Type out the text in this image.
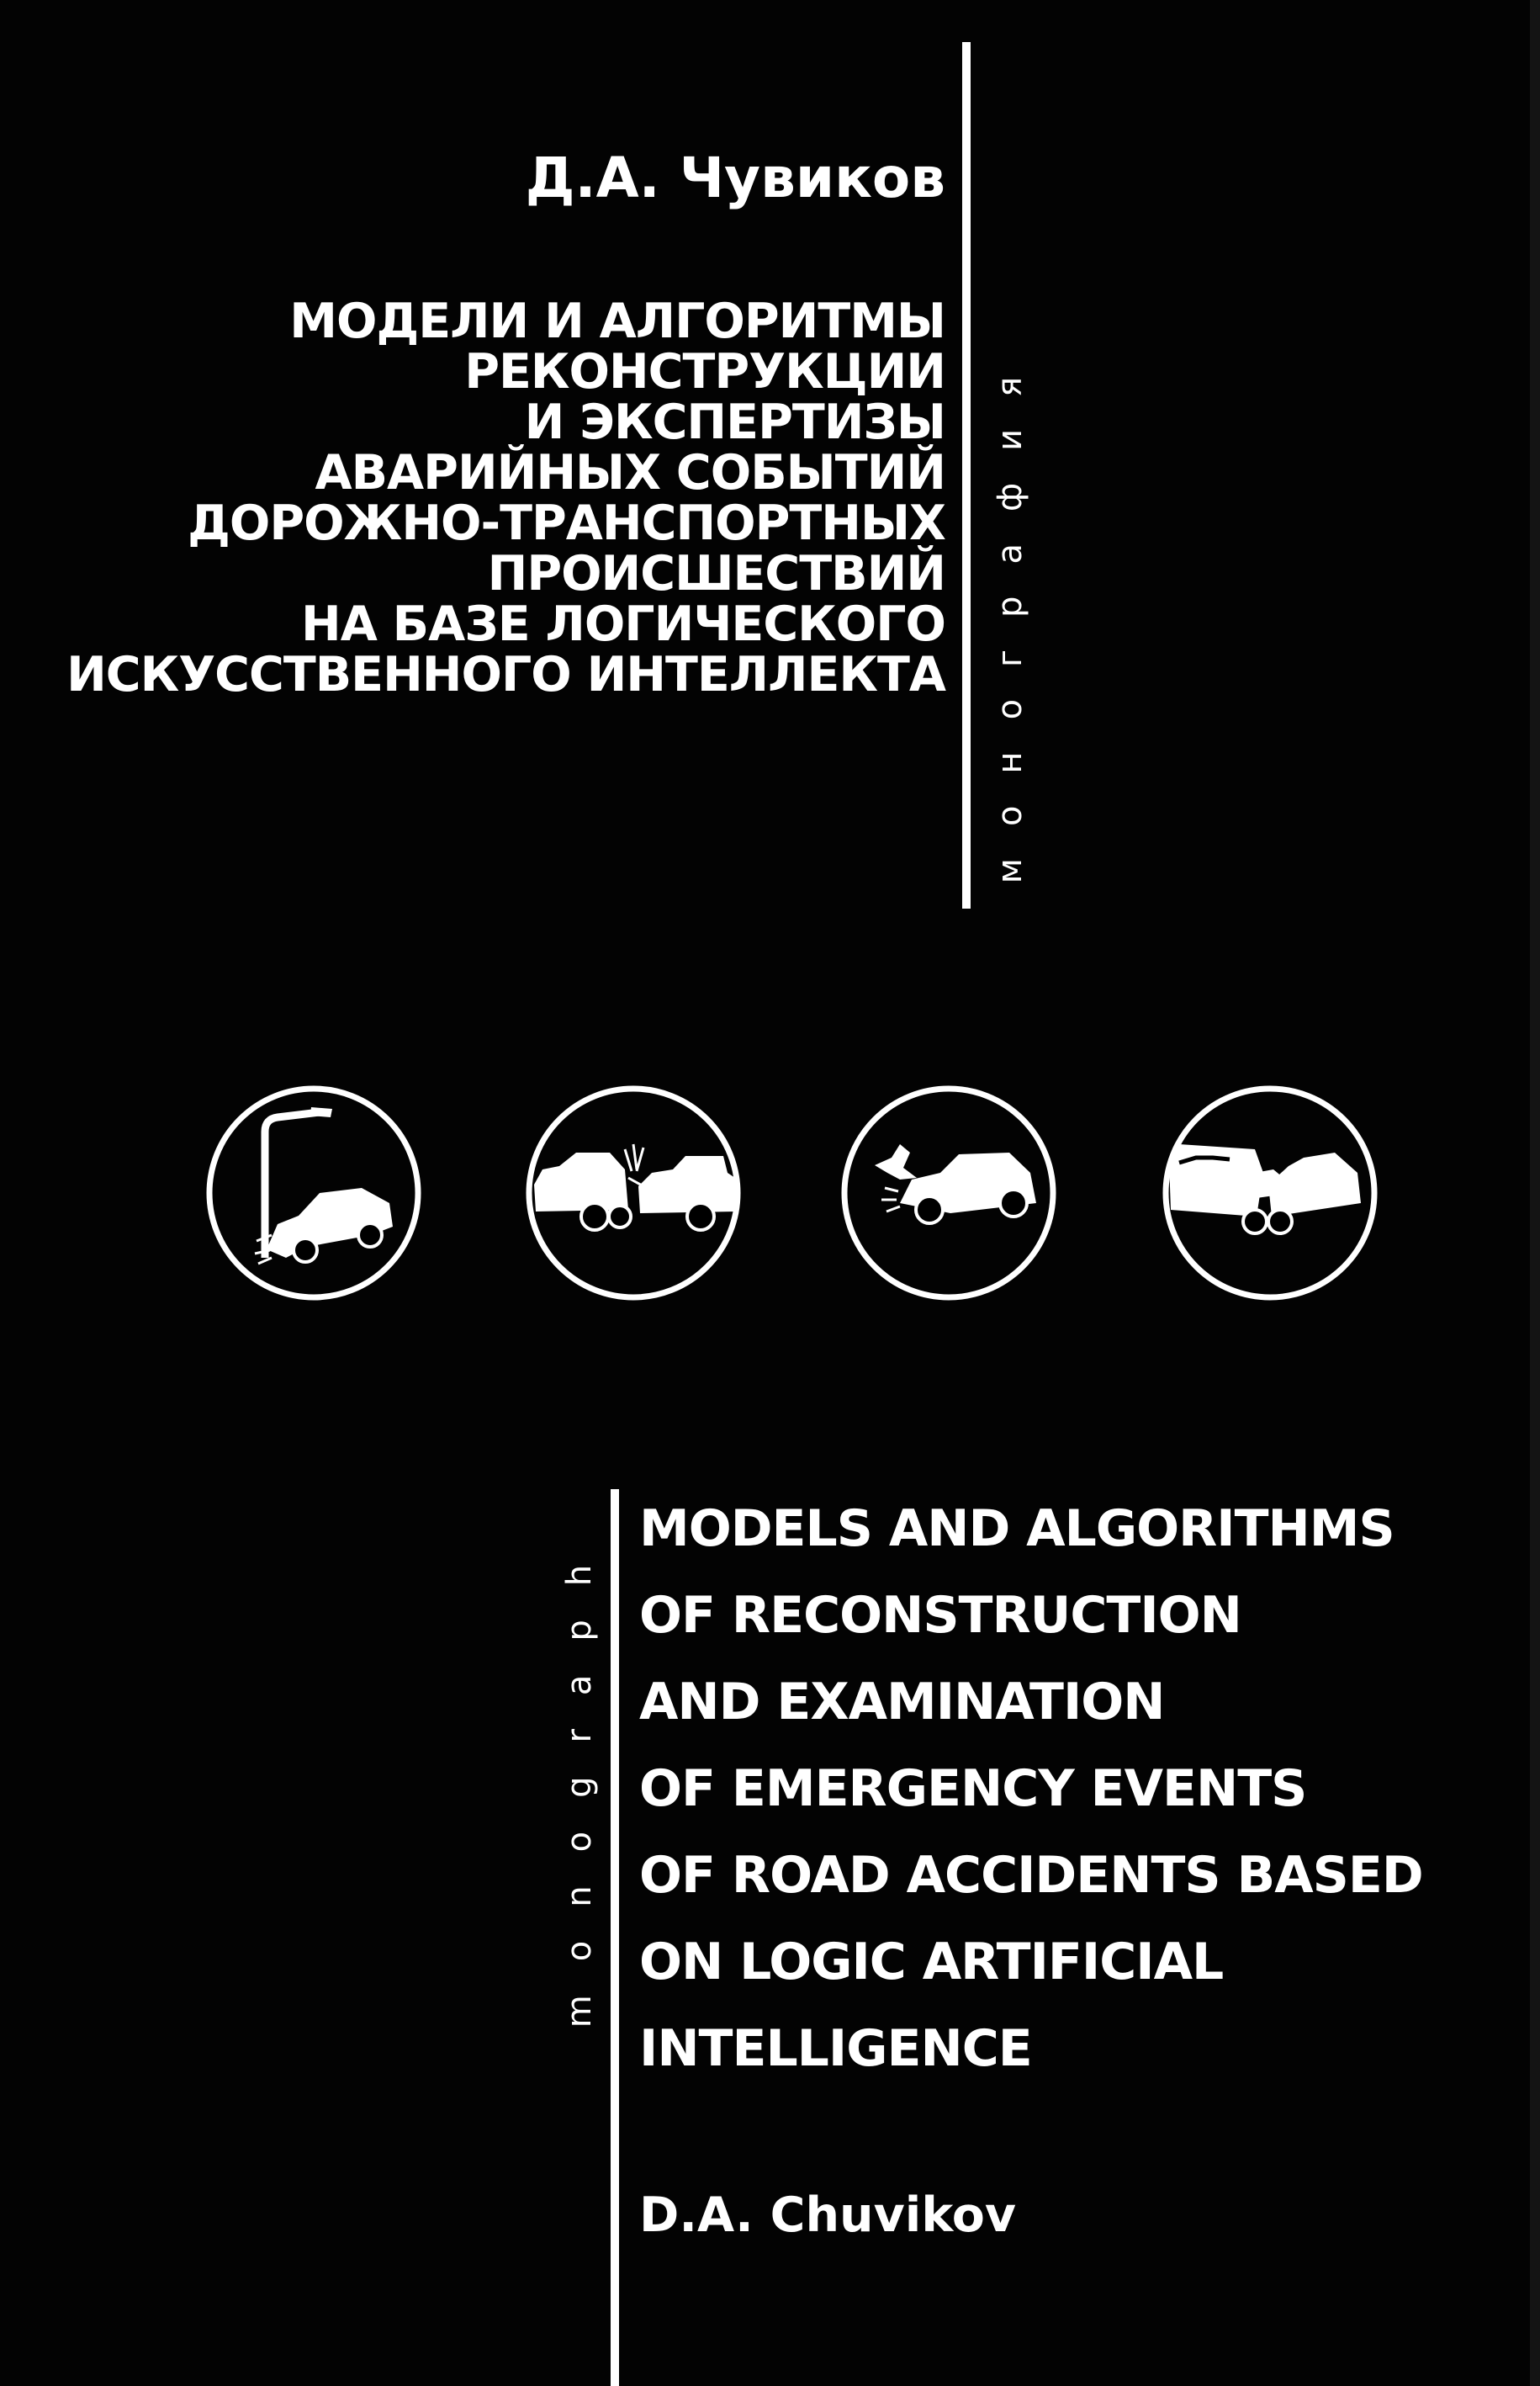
Д.А. Чувиков
МОДЕЛИ И АЛГОРИТМЫ
РЕКОНСТРУКЦИИ
И ЭКСПЕРТИЗЫ
АВАРИЙНЫХ СОБЫТИЙ
ДОРОЖНО-ТРАНСПОРТНЫХ
ПРОИСШЕСТВИЙ
НА БАЗЕ ЛОГИЧЕСКОГО
ИСКУССТВЕННОГО ИНТЕЛЛЕКТА монография
monograph
MODELS AND ALGORITHMS
OF RECONSTRUCTION
AND EXAMINATION
OF EMERGENCY EVENTS
OF ROAD ACCIDENTS BASED
ON LOGIC ARTIFICIAL
INTELLIGENCE
D.A. Chuvikov
